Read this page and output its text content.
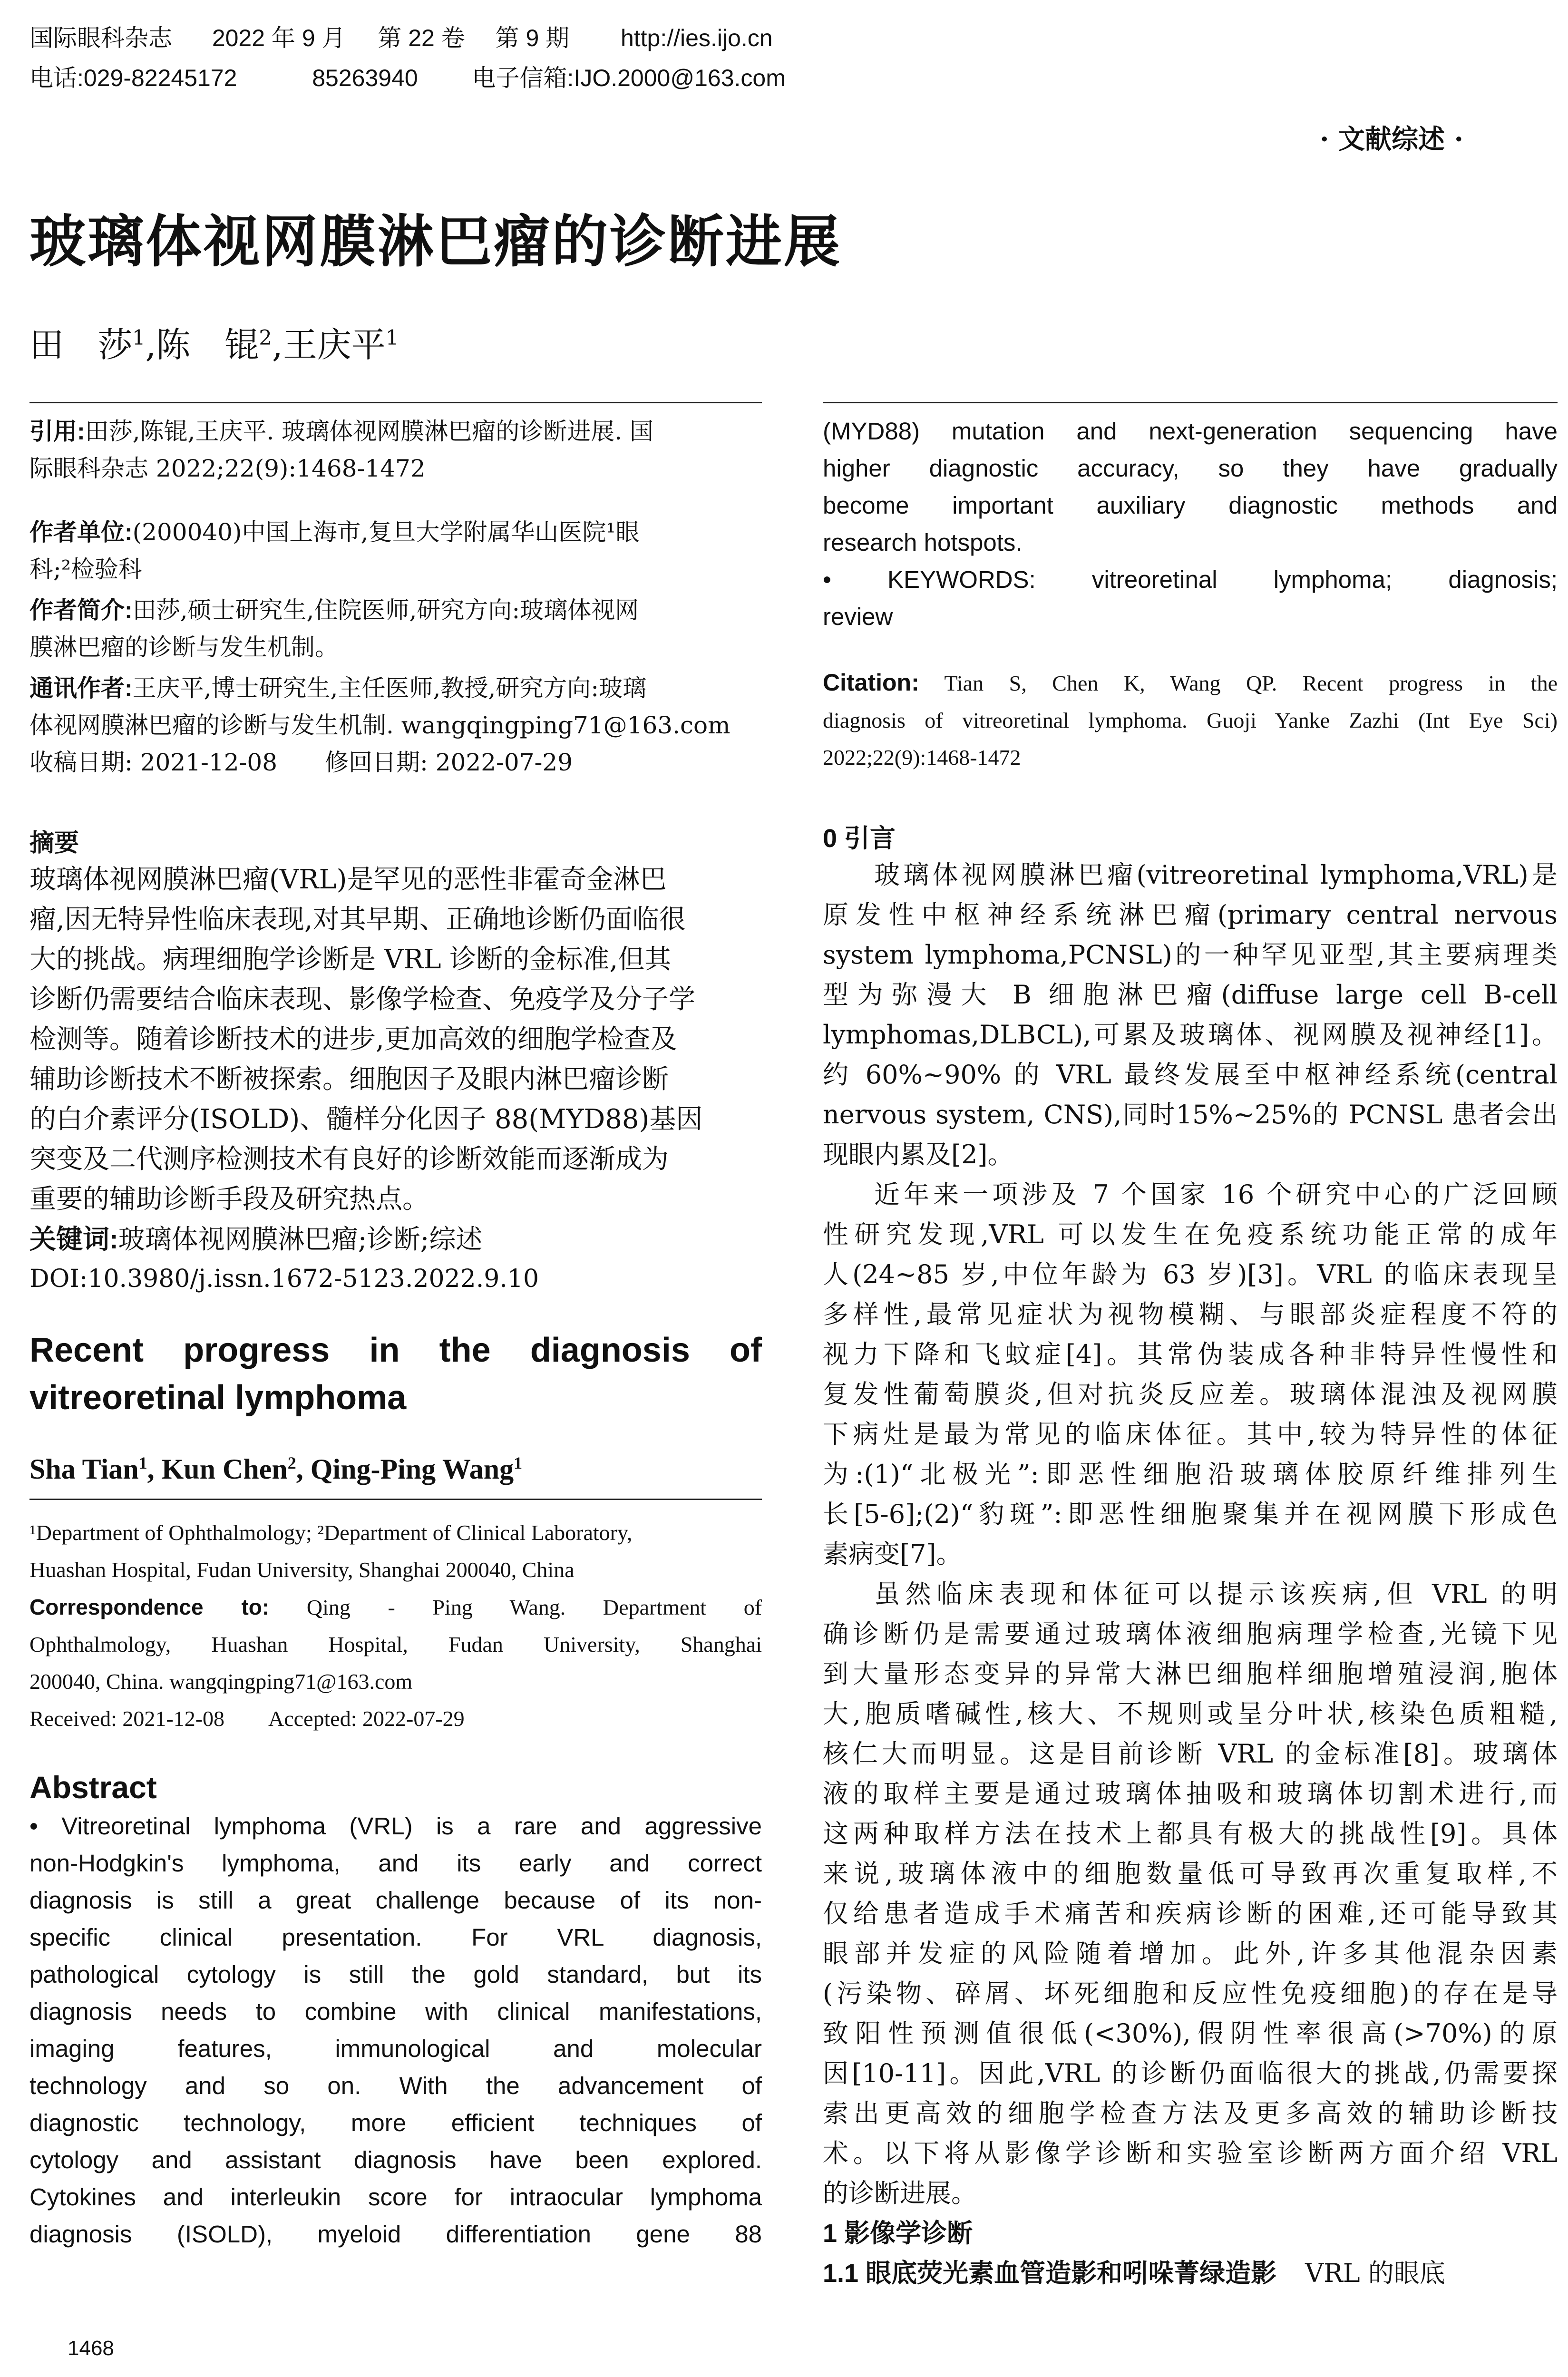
国际眼科杂志 2022 年 9 月 第 22 卷 第 9 期 http://ies.ijo.cn
电话:029-82245172	85263940 电子信箱:IJO.2000@163.com
· 文献综述 ·
玻璃体视网膜淋巴瘤的诊断进展
田　莎$^1$,陈　锟$^2$,王庆平$^1$
引用:田莎,陈锟,王庆平. 玻璃体视网膜淋巴瘤的诊断进展. 国
际眼科杂志 2022;22(9):1468-1472
作者单位:(200040)中国上海市,复旦大学附属华山医院¹眼
科;²检验科
作者简介:田莎,硕士研究生,住院医师,研究方向:玻璃体视网
膜淋巴瘤的诊断与发生机制。
通讯作者:王庆平,博士研究生,主任医师,教授,研究方向:玻璃
体视网膜淋巴瘤的诊断与发生机制. wangqingping71@163.com
收稿日期: 2021-12-08　　修回日期: 2022-07-29
摘要
玻璃体视网膜淋巴瘤(VRL)是罕见的恶性非霍奇金淋巴
瘤,因无特异性临床表现,对其早期、正确地诊断仍面临很
大的挑战。病理细胞学诊断是 VRL 诊断的金标准,但其
诊断仍需要结合临床表现、影像学检查、免疫学及分子学
检测等。随着诊断技术的进步,更加高效的细胞学检查及
辅助诊断技术不断被探索。细胞因子及眼内淋巴瘤诊断
的白介素评分(ISOLD)、髓样分化因子 88(MYD88)基因
突变及二代测序检测技术有良好的诊断效能而逐渐成为
重要的辅助诊断手段及研究热点。
关键词:玻璃体视网膜淋巴瘤;诊断;综述
DOI:10.3980/j.issn.1672-5123.2022.9.10
Recent progress in the diagnosis of
vitreoretinal lymphoma
Sha Tian$^1$, Kun Chen$^2$, Qing-Ping Wang$^1$
¹Department of Ophthalmology; ²Department of Clinical Laboratory,
Huashan Hospital, Fudan University, Shanghai 200040, China
Correspondence to: Qing - Ping Wang. Department of
Ophthalmology, Huashan Hospital, Fudan University, Shanghai
200040, China. wangqingping71@163.com
Received: 2021-12-08　　Accepted: 2022-07-29
Abstract
• Vitreoretinal lymphoma (VRL) is a rare and aggressive
non-Hodgkin's lymphoma, and its early and correct
diagnosis is still a great challenge because of its non-
specific clinical presentation. For VRL diagnosis,
pathological cytology is still the gold standard, but its
diagnosis needs to combine with clinical manifestations,
imaging features, immunological and molecular
technology and so on. With the advancement of
diagnostic technology, more efficient techniques of
cytology and assistant diagnosis have been explored.
Cytokines and interleukin score for intraocular lymphoma
diagnosis (ISOLD), myeloid differentiation gene 88
(MYD88) mutation and next-generation sequencing have
higher diagnostic accuracy, so they have gradually
become important auxiliary diagnostic methods and
research hotspots.
• KEYWORDS: vitreoretinal lymphoma; diagnosis;
review
Citation: Tian S, Chen K, Wang QP. Recent progress in the
diagnosis of vitreoretinal lymphoma. Guoji Yanke Zazhi (Int Eye Sci)
2022;22(9):1468-1472
0 引言
玻璃体视网膜淋巴瘤(vitreoretinal lymphoma,VRL)是
原发性中枢神经系统淋巴瘤(primary central nervous
system lymphoma,PCNSL)的一种罕见亚型,其主要病理类
型为弥漫大 B 细胞淋巴瘤(diffuse large cell B-cell
lymphomas,DLBCL),可累及玻璃体、视网膜及视神经[1]。
约 60%~90% 的 VRL 最终发展至中枢神经系统(central
nervous system, CNS),同时15%~25%的 PCNSL 患者会出
现眼内累及[2]。
近年来一项涉及 7 个国家 16 个研究中心的广泛回顾
性研究发现,VRL 可以发生在免疫系统功能正常的成年
人(24~85 岁,中位年龄为 63 岁)[3]。VRL 的临床表现呈
多样性,最常见症状为视物模糊、与眼部炎症程度不符的
视力下降和飞蚊症[4]。其常伪装成各种非特异性慢性和
复发性葡萄膜炎,但对抗炎反应差。玻璃体混浊及视网膜
下病灶是最为常见的临床体征。其中,较为特异性的体征
为:(1)“北极光”:即恶性细胞沿玻璃体胶原纤维排列生
长[5-6];(2)“豹斑”:即恶性细胞聚集并在视网膜下形成色
素病变[7]。
虽然临床表现和体征可以提示该疾病,但 VRL 的明
确诊断仍是需要通过玻璃体液细胞病理学检查,光镜下见
到大量形态变异的异常大淋巴细胞样细胞增殖浸润,胞体
大,胞质嗜碱性,核大、不规则或呈分叶状,核染色质粗糙,
核仁大而明显。这是目前诊断 VRL 的金标准[8]。玻璃体
液的取样主要是通过玻璃体抽吸和玻璃体切割术进行,而
这两种取样方法在技术上都具有极大的挑战性[9]。具体
来说,玻璃体液中的细胞数量低可导致再次重复取样,不
仅给患者造成手术痛苦和疾病诊断的困难,还可能导致其
眼部并发症的风险随着增加。此外,许多其他混杂因素
(污染物、碎屑、坏死细胞和反应性免疫细胞)的存在是导
致阳性预测值很低(<30%),假阴性率很高(>70%)的原
因[10-11]。因此,VRL 的诊断仍面临很大的挑战,仍需要探
索出更高效的细胞学检查方法及更多高效的辅助诊断技
术。以下将从影像学诊断和实验室诊断两方面介绍 VRL
的诊断进展。
1 影像学诊断
1.1 眼底荧光素血管造影和吲哚菁绿造影 VRL 的眼底
1468
